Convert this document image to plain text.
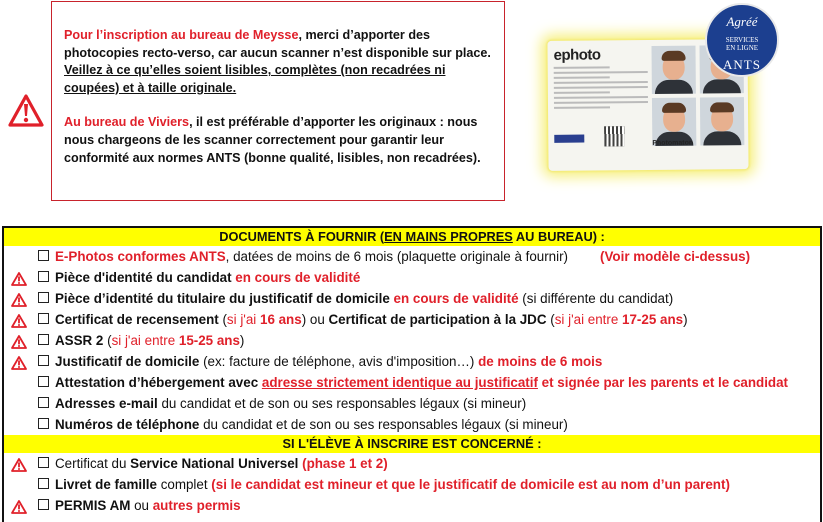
Pour l’inscription au bureau de Meysse, merci d’apporter des photocopies recto-verso, car aucun scanner n’est disponible sur place. Veillez à ce qu’elles soient lisibles, complètes (non recadrées ni coupées) et à taille originale.

Au bureau de Viviers, il est préférable d’apporter les originaux : nous nous chargeons de les scanner correctement pour garantir leur conformité aux normes ANTS (bonne qualité, lisibles, non recadrées).

ephoto
Photomaton
Agréé
SERVICES
EN LIGNE
ANTS
DOCUMENTS À FOURNIR (EN MAINS PROPRES AU BUREAU) :
E-Photos conformes ANTS, datées de moins de 6 mois (plaquette originale à fournir) (Voir modèle ci-dessus)
Pièce d'identité du candidat en cours de validité
Pièce d’identité du titulaire du justificatif de domicile en cours de validité (si différente du candidat)
Certificat de recensement (si j'ai 16 ans) ou Certificat de participation à la JDC (si j'ai entre 17-25 ans)
ASSR 2 (si j'ai entre 15-25 ans)
Justificatif de domicile (ex: facture de téléphone, avis d'imposition…) de moins de 6 mois
Attestation d’hébergement avec adresse strictement identique au justificatif et signée par les parents et le candidat
Adresses e-mail du candidat et de son ou ses responsables légaux (si mineur)
Numéros de téléphone du candidat et de son ou ses responsables légaux (si mineur)
SI L'ÉLÈVE À INSCRIRE EST CONCERNÉ :
Certificat du Service National Universel (phase 1 et 2)
Livret de famille complet (si le candidat est mineur et que le justificatif de domicile est au nom d’un parent)
PERMIS AM ou autres permis
